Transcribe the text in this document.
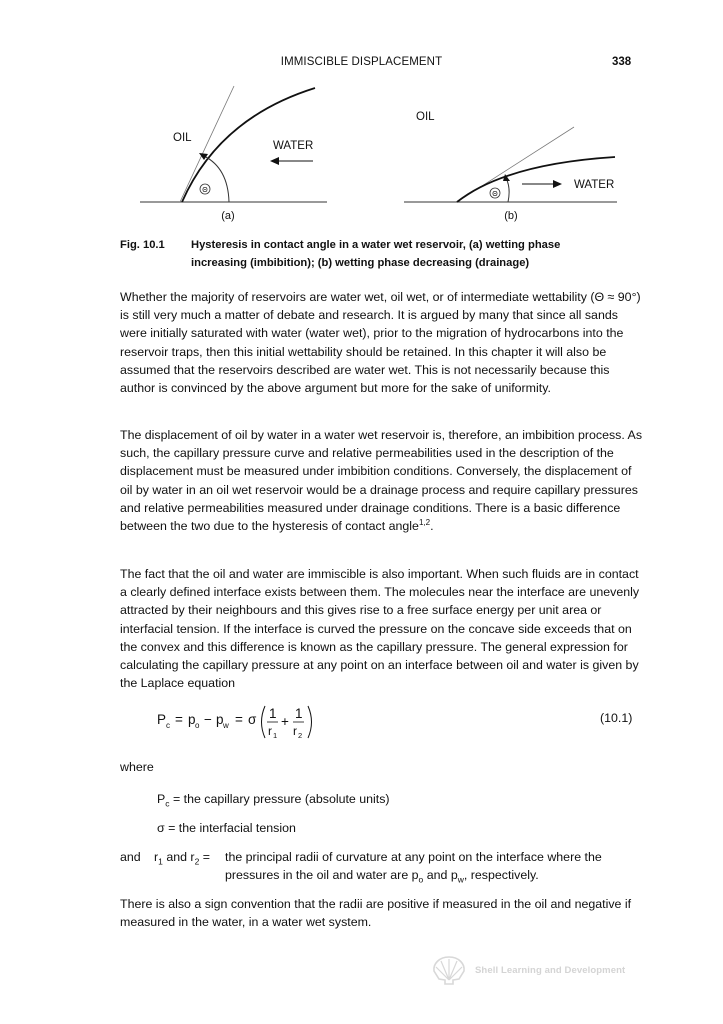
IMMISCIBLE DISPLACEMENT	338
OIL
WATER
Θ
(a)
OIL
WATER
Θ
(b)
Fig. 10.1 Hysteresis in contact angle in a water wet reservoir, (a) wetting phase
increasing (imbibition); (b) wetting phase decreasing (drainage)
Whether the majority of reservoirs are water wet, oil wet, or of intermediate wettability (Θ ≈ 90°) is still very much a matter of debate and research. It is argued by many that since all sands were initially saturated with water (water wet), prior to the migration of hydrocarbons into the reservoir traps, then this initial wettability should be retained. In this chapter it will also be assumed that the reservoirs described are water wet. This is not necessarily because this author is convinced by the above argument but more for the sake of uniformity.
The displacement of oil by water in a water wet reservoir is, therefore, an imbibition process. As such, the capillary pressure curve and relative permeabilities used in the description of the displacement must be measured under imbibition conditions. Conversely, the displacement of oil by water in an oil wet reservoir would be a drainage process and require capillary pressures and relative permeabilities measured under drainage conditions. There is a basic difference between the two due to the hysteresis of contact angle$^{1,2}$.
The fact that the oil and water are immiscible is also important. When such fluids are in contact a clearly defined interface exists between them. The molecules near the interface are unevenly attracted by their neighbours and this gives rise to a free surface energy per unit area or interfacial tension. If the interface is curved the pressure on the concave side exceeds that on the convex and this difference is known as the capillary pressure. The general expression for calculating the capillary pressure at any point on an interface between oil and water is given by the Laplace equation
P c = p o − p w = σ 1
r 1
+
1
r 2
(10.1)
where
$P_c$ = the capillary pressure (absolute units)
σ = the interfacial tension
and $r_1$ and $r_2$ = the principal radii of curvature at any point on the interface where the
pressures in the oil and water are $p_o$ and $p_w$, respectively.
There is also a sign convention that the radii are positive if measured in the oil and negative if measured in the water, in a water wet system.
Shell Learning and Development
